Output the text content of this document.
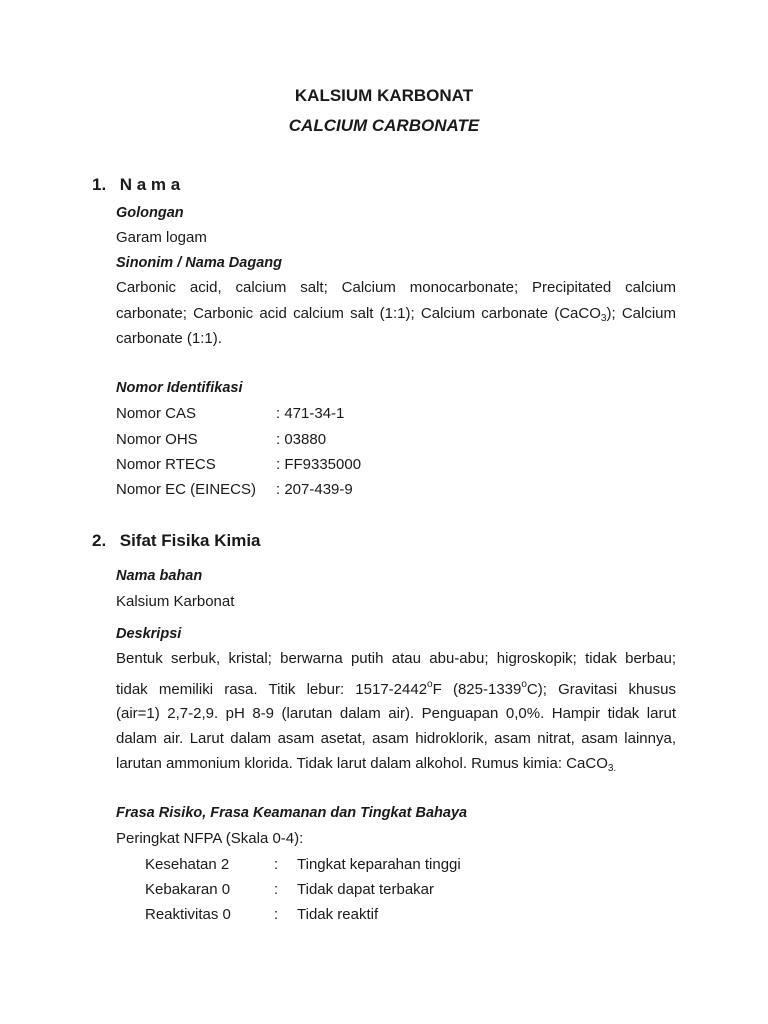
KALSIUM KARBONAT
CALCIUM CARBONATE
1. N a m a
Golongan
Garam logam
Sinonim / Nama Dagang
Carbonic acid, calcium salt; Calcium monocarbonate; Precipitated calcium
carbonate; Carbonic acid calcium salt (1:1); Calcium carbonate (CaCO$_3$); Calcium
carbonate (1:1).
Nomor Identifikasi
Nomor CAS	: 471-34-1
Nomor OHS	: 03880
Nomor RTECS	: FF9335000
Nomor EC (EINECS) : 207-439-9
2. Sifat Fisika Kimia
Nama bahan
Kalsium Karbonat
Deskripsi
Bentuk serbuk, kristal; berwarna putih atau abu-abu; higroskopik; tidak berbau;
tidak memiliki rasa. Titik lebur: 1517-2442$^o$F (825-1339$^o$C); Gravitasi khusus
(air=1) 2,7-2,9. pH 8-9 (larutan dalam air). Penguapan 0,0%. Hampir tidak larut
dalam air. Larut dalam asam asetat, asam hidroklorik, asam nitrat, asam lainnya,
larutan ammonium klorida. Tidak larut dalam alkohol. Rumus kimia: CaCO$_{3.}$
Frasa Risiko, Frasa Keamanan dan Tingkat Bahaya
Peringkat NFPA (Skala 0-4):
Kesehatan 2	: Tingkat keparahan tinggi
Kebakaran 0	: Tidak dapat terbakar
Reaktivitas 0	: Tidak reaktif
